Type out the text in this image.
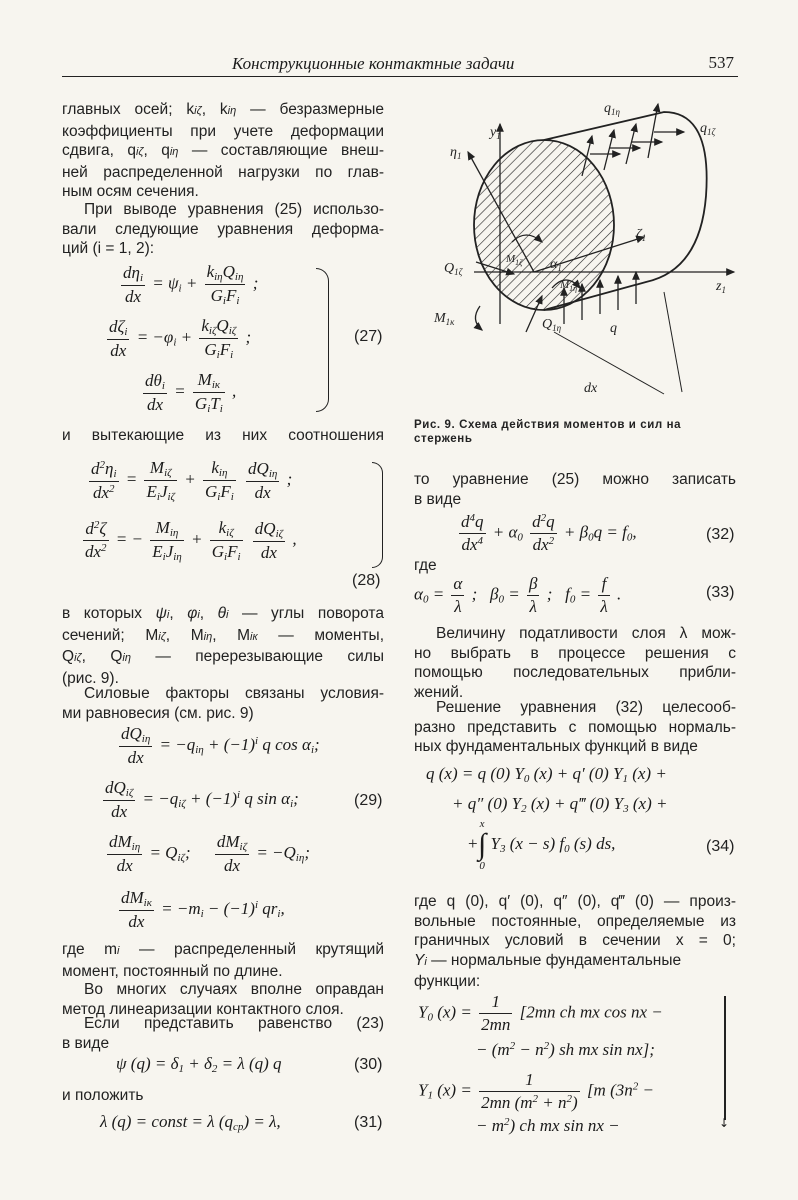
Конструкционные контактные задачи	537
главных осей; kiζ, kiη — безразмерные
коэффициенты при учете деформации
сдвига, qiζ, qiη — составляющие внеш-
ней распределенной нагрузки по глав-
ным осям сечения.
При выводе уравнения (25) использо-
вали следующие уравнения деформа-
ций (i = 1, 2):
$\frac{d\eta_i}{dx} = \psi_i + \frac{k_{i\eta}Q_{i\eta}}{G_iF_i}$ ;
$\frac{d\zeta_i}{dx} = -\varphi_i + \frac{k_{i\zeta}Q_{i\zeta}}{G_iF_i}$ ;
$\frac{d\theta_i}{dx} = \frac{M_{iк}}{G_iT_i}$ ,
(27)
и вытекающие из них соотношения
$\frac{d^2\eta_i}{dx^2} = \frac{M_{i\zeta}}{E_iJ_{i\zeta}} + \frac{k_{i\eta}}{G_iF_i}$
$\frac{dQ_{i\eta}}{dx}$ ;
$\frac{d^2\zeta}{dx^2}$ = − $\frac{M_{i\eta}}{E_iJ_{i\eta}} + \frac{k_{i\zeta}}{G_iF_i}$
$\frac{dQ_{i\zeta}}{dx}$ ,
(28)
в которых ψi, φi, θi — углы поворота
сечений; Miζ, Miη, Miк — моменты,
Qiζ, Qiη — перерезывающие силы
(рис. 9).
Силовые факторы связаны условия-
ми равновесия (см. рис. 9)
$\frac{dQ_{i\eta}}{dx} = -q_{i\eta} + (-1)^i$ q $\cos \alpha_i$;
$\frac{dQ_{i\zeta}}{dx} = -q_{i\zeta} + (-1)^i$ q $\sin \alpha_i$;	(29)
$\frac{dM_{i\eta}}{dx} = Q_{i\zeta}$; $\frac{dM_{i\zeta}}{dx} = -Q_{i\eta}$;
$\frac{dM_{iк}}{dx} = -m_i - (-1)^i$ $qr_i$,
где mi — распределенный крутящий
момент, постоянный по длине.
Во многих случаях вполне оправдан
метод линеаризации контактного слоя.
Если представить равенство (23)
в виде
ψ $(q) = \delta_1 + \delta_2 = \lambda$ (q) q	(30)
и положить
λ (q) = const = λ $(q_{ср}) = \lambda$,	(31)
$y_1$
$\eta_1$
$q_{1\eta}$
$q_{1\zeta}$
$\alpha_1$
$\zeta_1$
$z_1$
$M_{1\zeta}$
$M_{1\eta}$
$Q_{1\zeta}$
$M_{1к}$	$Q_{1\eta}$	q
dx
Рис. 9. Схема действия моментов и сил на стержень
то уравнение (25) можно записать
в виде
$\frac{d^4q}{dx^4} + \alpha_0 \frac{d^2q}{dx^2} + \beta_0q = f_0$,	(32)
где
$\alpha_0 = \frac{\alpha}{\lambda}$ ;   $\beta_0 = \frac{\beta}{\lambda}$ ;   $f_0 = \frac{f}{\lambda}$ .	(33)
Величину податливости слоя λ мож-
но выбрать в процессе решения с
помощью последовательных прибли-
жений.
Решение уравнения (32) целесооб-
разно представить с помощью нормаль-
ных фундаментальных функций в виде
q (x) = q (0) $Y_0$ (x) + q′ (0) $Y_1$ (x) +
+ q″ (0) $Y_2$ (x) + q‴ (0) $Y_3$ (x) +
x
∫
0 $Y_3$ (x − s) $f_0$ (s) ds,
+	(34)
где q (0), q′ (0), q″ (0), q‴ (0) — произ-
вольные постоянные, определяемые из
граничных условий в сечении x = 0;
Yi — нормальные фундаментальные
функции:
$Y_0$ $(x) = \frac{1}{2mn} [2mn$ ch mx cos nx −
− $(m^2 - n^2)$ sh mx sin nx];
$Y_1$ $(x) = \frac{1}{2mn (m^2 + n^2)} [m$ ($3n^2$ −
− $m^2$) ch mx sin nx −	↓
